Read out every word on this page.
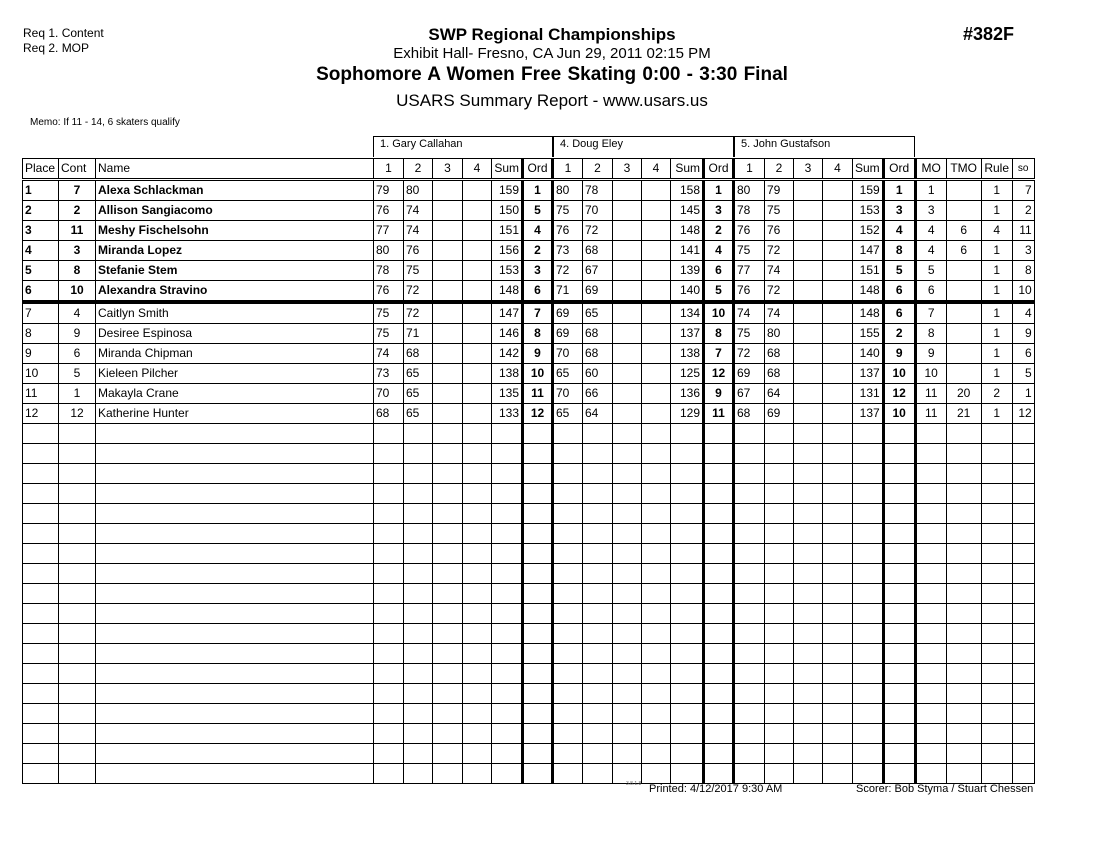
Req 1. Content
Req 2. MOP
SWP Regional Championships
Exhibit Hall- Fresno, CA Jun 29, 2011 02:15 PM
Sophomore A Women Free Skating 0:00 - 3:30 Final
USARS Summary Report - www.usars.us
#382F
Memo: If 11 - 14, 6 skaters qualify
1. Gary Callahan	4. Doug Eley	5. John Gustafson
Place	Cont	Name	1	2	3	4	Sum	Ord	1	2	3	4	Sum	Ord	1	2	3	4	Sum	Ord	MO	TMO	Rule	so
1	7	Alexa Schlackman	79	80			159	1	80	78			158	1	80	79			159	1	1		1	7
2	2	Allison Sangiacomo	76	74			150	5	75	70			145	3	78	75			153	3	3		1	2
3	11	Meshy Fischelsohn	77	74			151	4	76	72			148	2	76	76			152	4	4	6	4	11
4	3	Miranda Lopez	80	76			156	2	73	68			141	4	75	72			147	8	4	6	1	3
5	8	Stefanie Stem	78	75			153	3	72	67			139	6	77	74			151	5	5		1	8
6	10	Alexandra Stravino	76	72			148	6	71	69			140	5	76	72			148	6	6		1	10
7	4	Caitlyn Smith	75	72			147	7	69	65			134	10	74	74			148	6	7		1	4
8	9	Desiree Espinosa	75	71			146	8	69	68			137	8	75	80			155	2	8		1	9
9	6	Miranda Chipman	74	68			142	9	70	68			138	7	72	68			140	9	9		1	6
10	5	Kieleen Pilcher	73	65			138	10	65	60			125	12	69	68			137	10	10		1	5
11	1	Makayla Crane	70	65			135	11	70	66			136	9	67	64			131	12	11	20	2	1
12	12	Katherine Hunter	68	65			133	12	65	64			129	11	68	69			137	10	11	21	1	12

3.8.1.8 Printed: 4/12/2017 9:30 AM	Scorer: Bob Styma / Stuart Chessen
